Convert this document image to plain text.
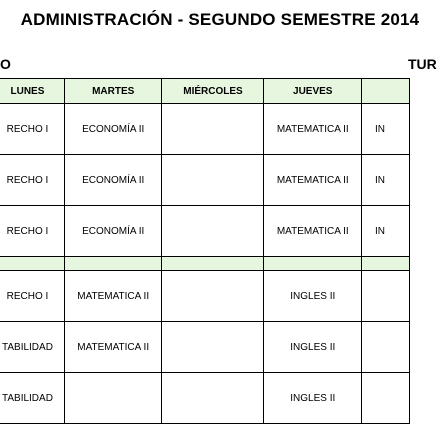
ADMINISTRACIÓN - SEGUNDO SEMESTRE 2014
O	TUR
LUNES	MARTES	MIÉRCOLES	JUEVES	
RECHO I	ECONOMÍA II		MATEMATICA II	IN
RECHO I	ECONOMÍA II		MATEMATICA II	IN
RECHO I	ECONOMÍA II		MATEMATICA II	IN

RECHO I	MATEMATICA II		INGLES II	
TABILIDAD	MATEMATICA II		INGLES II	
TABILIDAD			INGLES II	
